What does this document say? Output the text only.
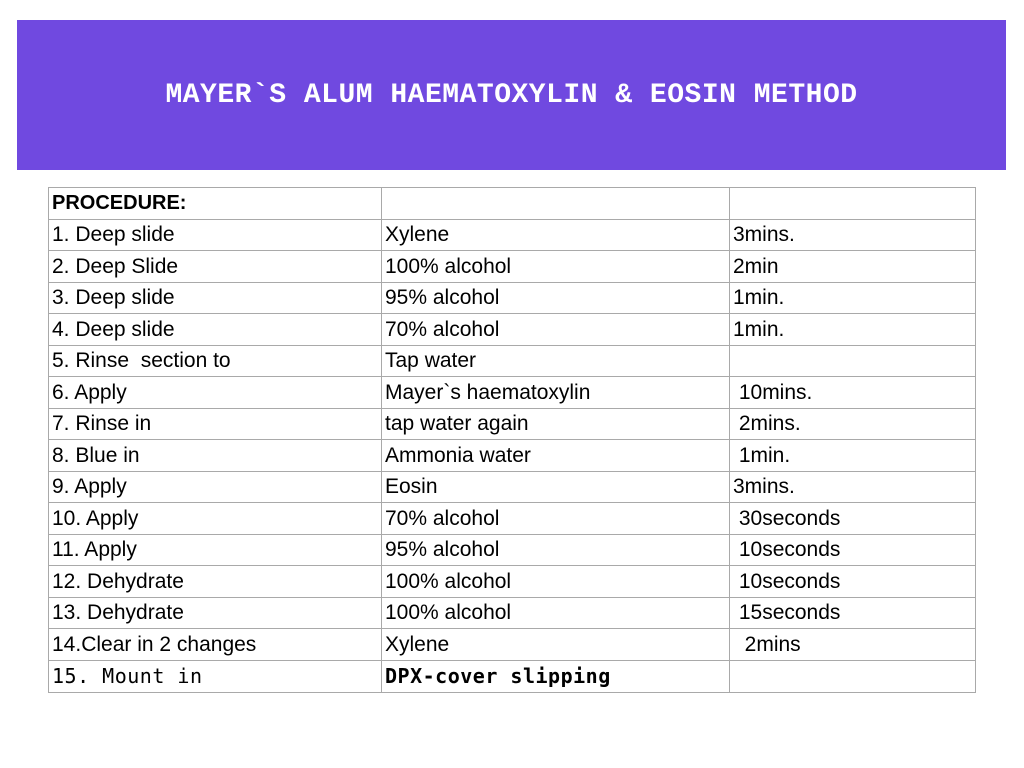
MAYER`S ALUM HAEMATOXYLIN & EOSIN METHOD
PROCEDURE:		
1. Deep slide	Xylene	3mins.
2. Deep Slide	100% alcohol	2min
3. Deep slide	95% alcohol	1min.
4. Deep slide	70% alcohol	1min.
5. Rinse  section to	Tap water	
6. Apply	Mayer`s haematoxylin	10mins.
7. Rinse in	tap water again	2mins.
8. Blue in	Ammonia water	1min.
9. Apply	Eosin	3mins.
10. Apply	70% alcohol	30seconds
11. Apply	95% alcohol	10seconds
12. Dehydrate	100% alcohol	10seconds
13. Dehydrate	100% alcohol	15seconds
14.Clear in 2 changes	Xylene	2mins
15. Mount in	DPX-cover slipping	
